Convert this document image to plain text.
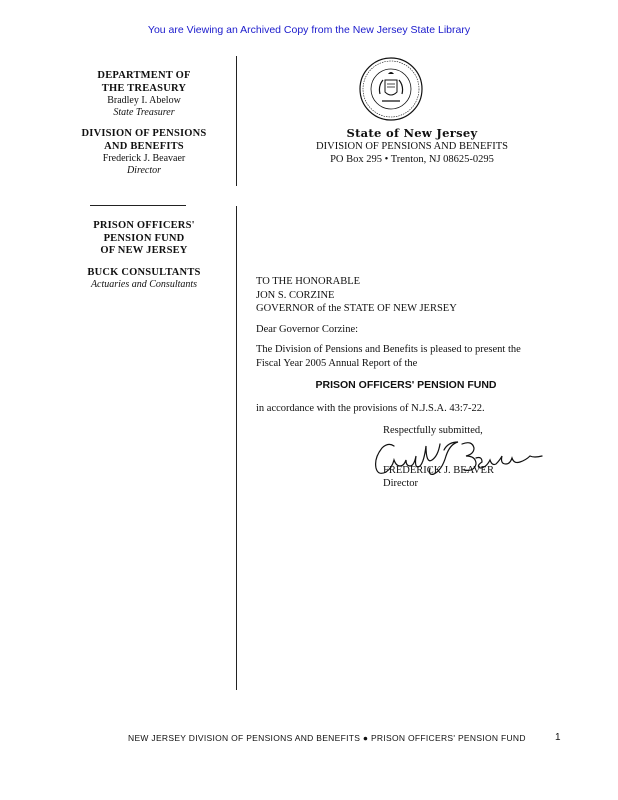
You are Viewing an Archived Copy from the New Jersey State Library
DEPARTMENT OF
THE TREASURY
Bradley I. Abelow
State Treasurer
DIVISION OF PENSIONS
AND BENEFITS
Frederick J. Beavaer
Director
PRISON OFFICERS'
PENSION FUND
OF NEW JERSEY
BUCK CONSULTANTS
Actuaries and Consultants
State of New Jersey
DIVISION OF PENSIONS AND BENEFITS
PO Box 295 • Trenton, NJ 08625-0295

TO THE HONORABLE

JON S. CORZINE

GOVERNOR of the STATE OF NEW JERSEY

Dear Governor Corzine:

The Division of Pensions and Benefits is pleased to present the

Fiscal Year 2005 Annual Report of the

PRISON OFFICERS' PENSION FUND

in accordance with the provisions of N.J.S.A. 43:7-22.

Respectfully submitted,
FREDERICK J. BEAVER
Director
NEW JERSEY DIVISION OF PENSIONS AND BENEFITS ● PRISON OFFICERS' PENSION FUND	1
